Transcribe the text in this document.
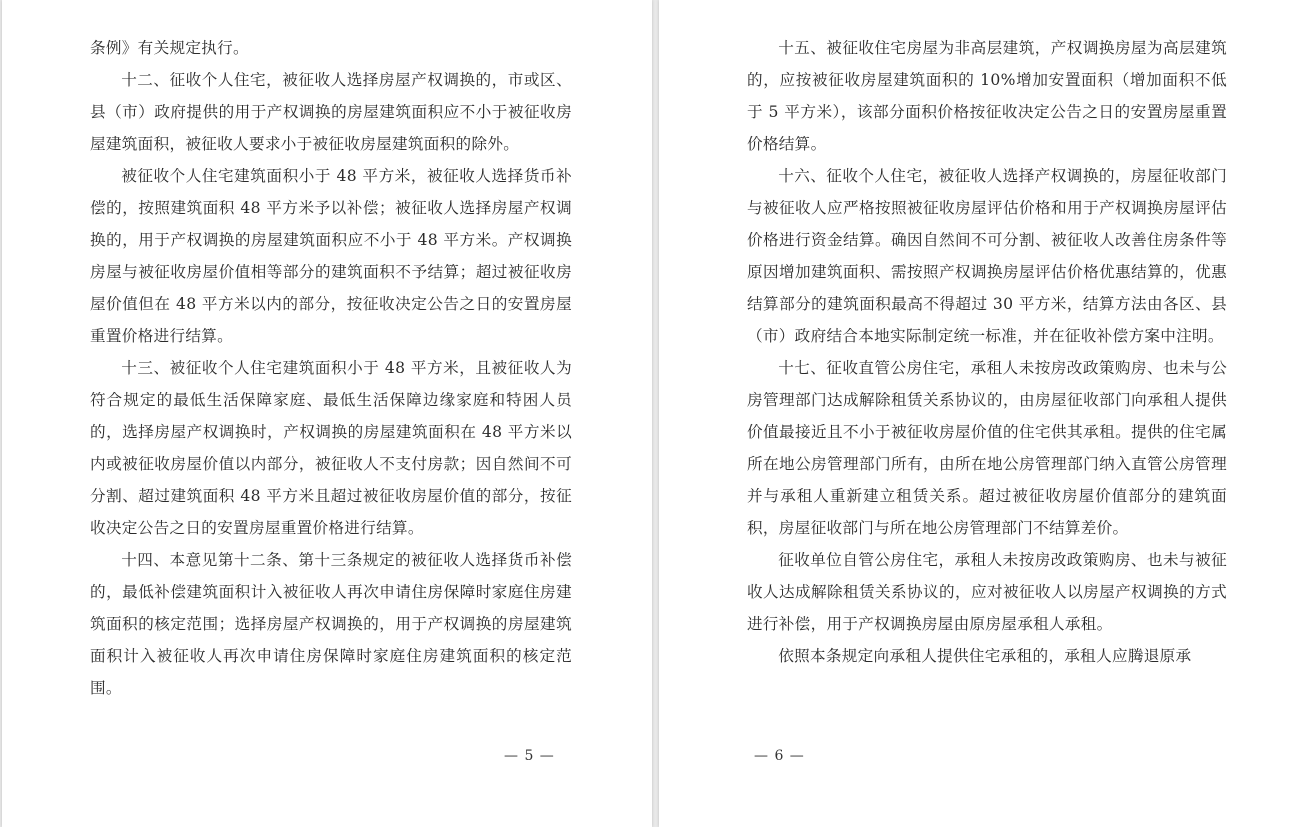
条例》有关规定执行。

十二、征收个人住宅，被征收人选择房屋产权调换的，市或区、县（市）政府提供的用于产权调换的房屋建筑面积应不小于被征收房屋建筑面积，被征收人要求小于被征收房屋建筑面积的除外。

被征收个人住宅建筑面积小于 48 平方米，被征收人选择货币补偿的，按照建筑面积 48 平方米予以补偿；被征收人选择房屋产权调换的，用于产权调换的房屋建筑面积应不小于 48 平方米。产权调换房屋与被征收房屋价值相等部分的建筑面积不予结算；超过被征收房屋价值但在 48 平方米以内的部分，按征收决定公告之日的安置房屋重置价格进行结算。

十三、被征收个人住宅建筑面积小于 48 平方米，且被征收人为符合规定的最低生活保障家庭、最低生活保障边缘家庭和特困人员的，选择房屋产权调换时，产权调换的房屋建筑面积在 48 平方米以内或被征收房屋价值以内部分，被征收人不支付房款；因自然间不可分割、超过建筑面积 48 平方米且超过被征收房屋价值的部分，按征收决定公告之日的安置房屋重置价格进行结算。

十四、本意见第十二条、第十三条规定的被征收人选择货币补偿的，最低补偿建筑面积计入被征收人再次申请住房保障时家庭住房建筑面积的核定范围；选择房屋产权调换的，用于产权调换的房屋建筑面积计入被征收人再次申请住房保障时家庭住房建筑面积的核定范围。

— 5 —

十五、被征收住宅房屋为非高层建筑，产权调换房屋为高层建筑的，应按被征收房屋建筑面积的 10%增加安置面积（增加面积不低于 5 平方米），该部分面积价格按征收决定公告之日的安置房屋重置价格结算。

十六、征收个人住宅，被征收人选择产权调换的，房屋征收部门与被征收人应严格按照被征收房屋评估价格和用于产权调换房屋评估价格进行资金结算。确因自然间不可分割、被征收人改善住房条件等原因增加建筑面积、需按照产权调换房屋评估价格优惠结算的，优惠结算部分的建筑面积最高不得超过 30 平方米，结算方法由各区、县（市）政府结合本地实际制定统一标准，并在征收补偿方案中注明。

十七、征收直管公房住宅，承租人未按房改政策购房、也未与公房管理部门达成解除租赁关系协议的，由房屋征收部门向承租人提供价值最接近且不小于被征收房屋价值的住宅供其承租。提供的住宅属所在地公房管理部门所有，由所在地公房管理部门纳入直管公房管理并与承租人重新建立租赁关系。超过被征收房屋价值部分的建筑面积，房屋征收部门与所在地公房管理部门不结算差价。

征收单位自管公房住宅，承租人未按房改政策购房、也未与被征收人达成解除租赁关系协议的，应对被征收人以房屋产权调换的方式进行补偿，用于产权调换房屋由原房屋承租人承租。

依照本条规定向承租人提供住宅承租的，承租人应腾退原承

— 6 —
